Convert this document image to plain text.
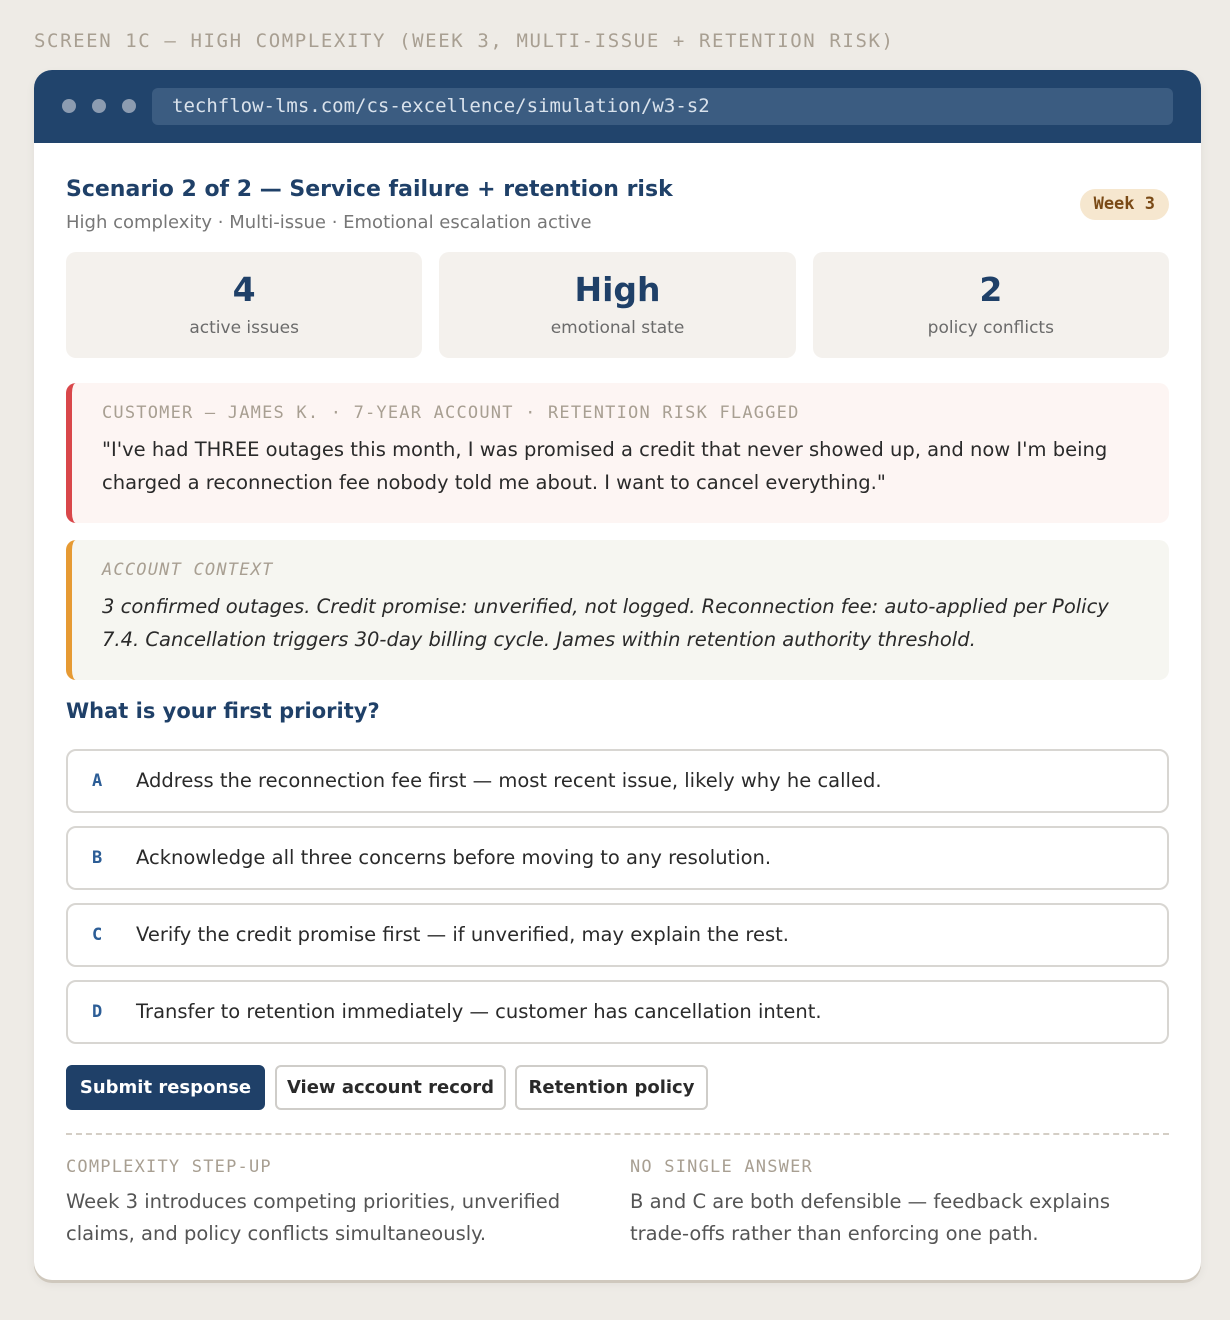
SCREEN 1C — HIGH COMPLEXITY (WEEK 3, MULTI-ISSUE + RETENTION RISK)
techflow-lms.com/cs-excellence/simulation/w3-s2
Scenario 2 of 2 — Service failure + retention risk
High complexity · Multi-issue · Emotional escalation active
Week 3
4
active issues
High
emotional state
2
policy conflicts
CUSTOMER — JAMES K. · 7-YEAR ACCOUNT · RETENTION RISK FLAGGED
"I've had THREE outages this month, I was promised a credit that never showed up, and now I'm being charged a reconnection fee nobody told me about. I want to cancel everything."
ACCOUNT CONTEXT
3 confirmed outages. Credit promise: unverified, not logged. Reconnection fee: auto-applied per Policy 7.4. Cancellation triggers 30-day billing cycle. James within retention authority threshold.
What is your first priority?
A Address the reconnection fee first — most recent issue, likely why he called.
B Acknowledge all three concerns before moving to any resolution.
C Verify the credit promise first — if unverified, may explain the rest.
D Transfer to retention immediately — customer has cancellation intent.
Submit response	View account record	Retention policy
COMPLEXITY STEP-UP
Week 3 introduces competing priorities, unverified claims, and policy conflicts simultaneously.
NO SINGLE ANSWER
B and C are both defensible — feedback explains trade-offs rather than enforcing one path.
